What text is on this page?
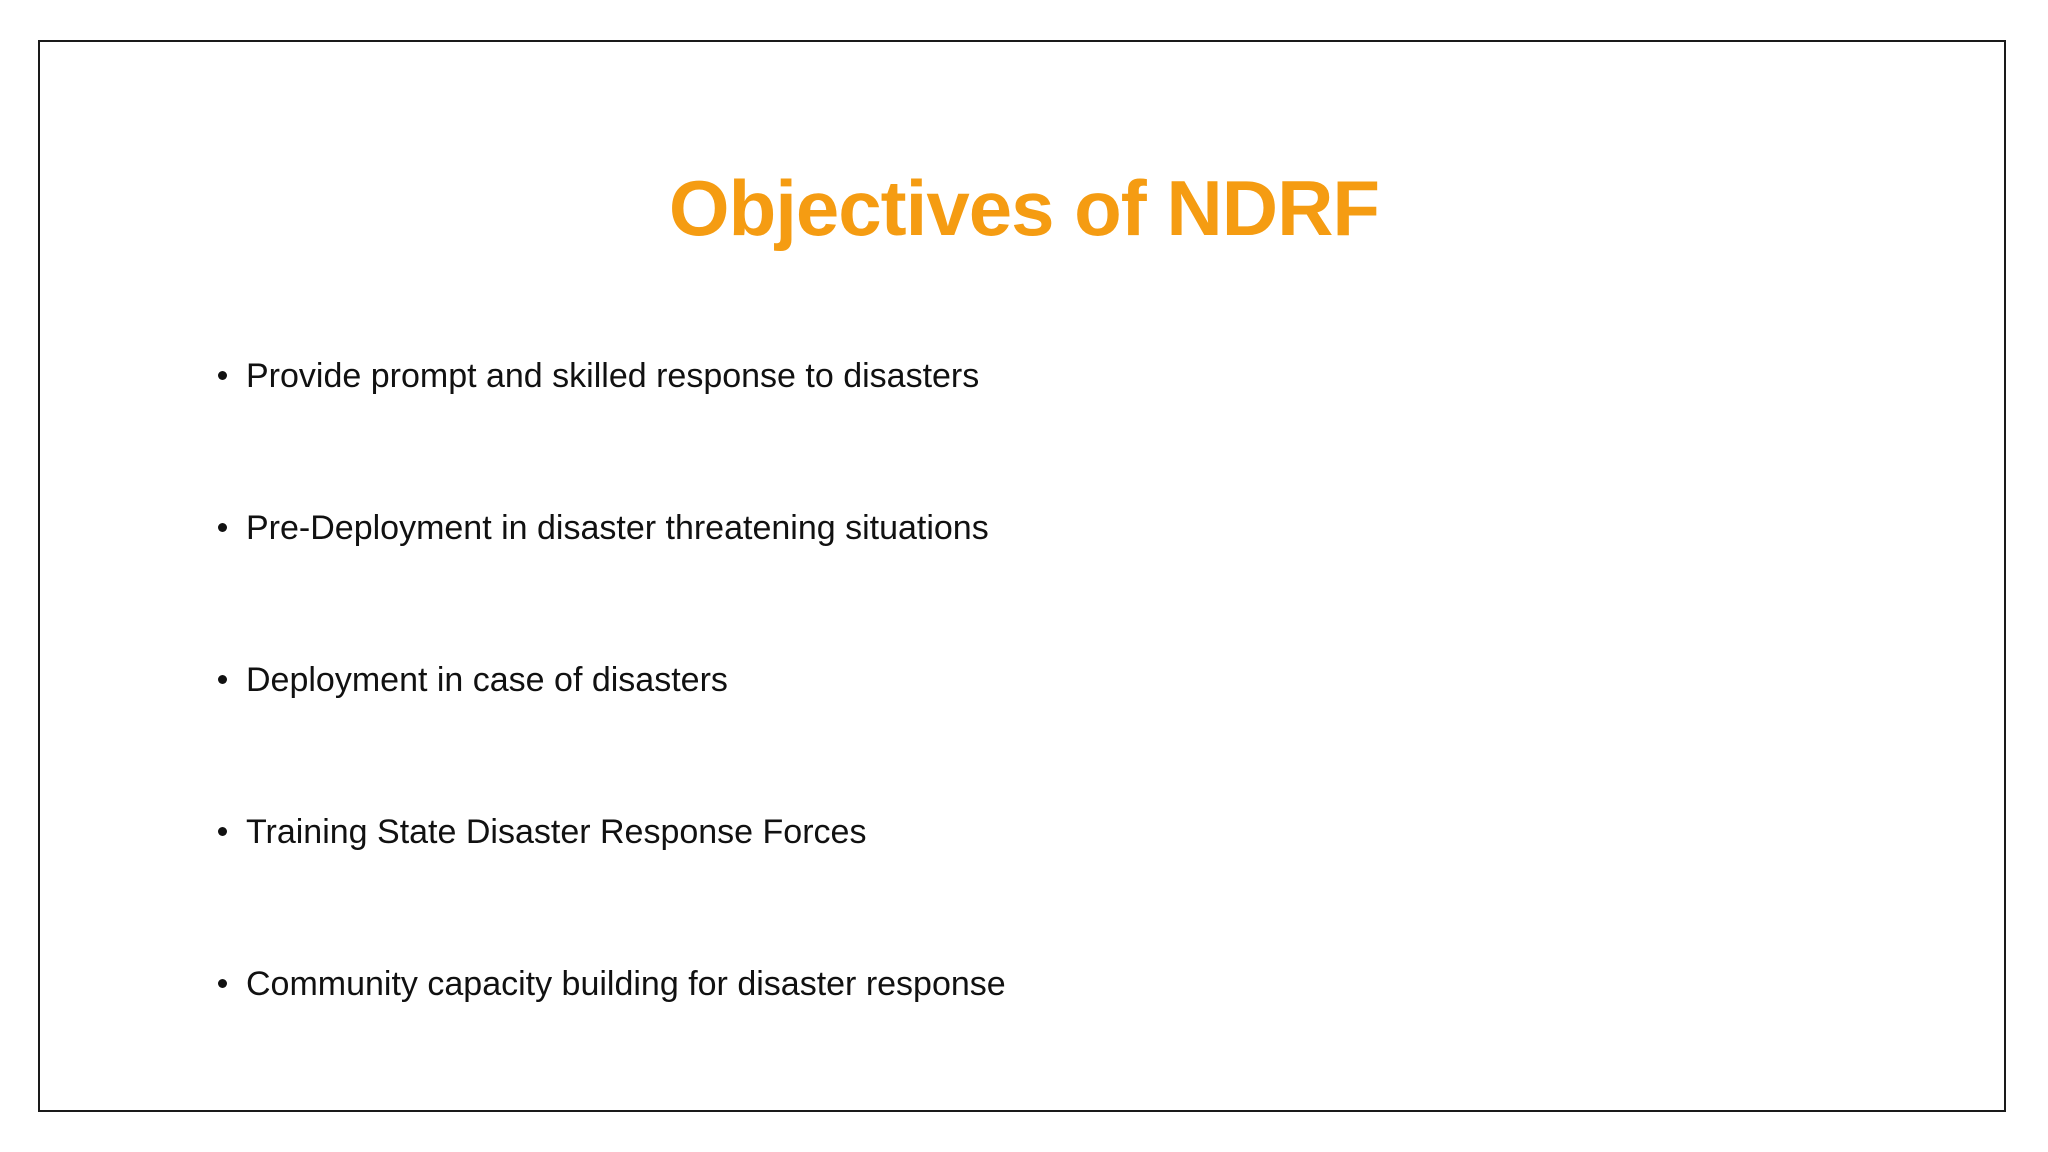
Objectives of NDRF
Provide prompt and skilled response to disasters
Pre-Deployment in disaster threatening situations
Deployment in case of disasters
Training State Disaster Response Forces
Community capacity building for disaster response
